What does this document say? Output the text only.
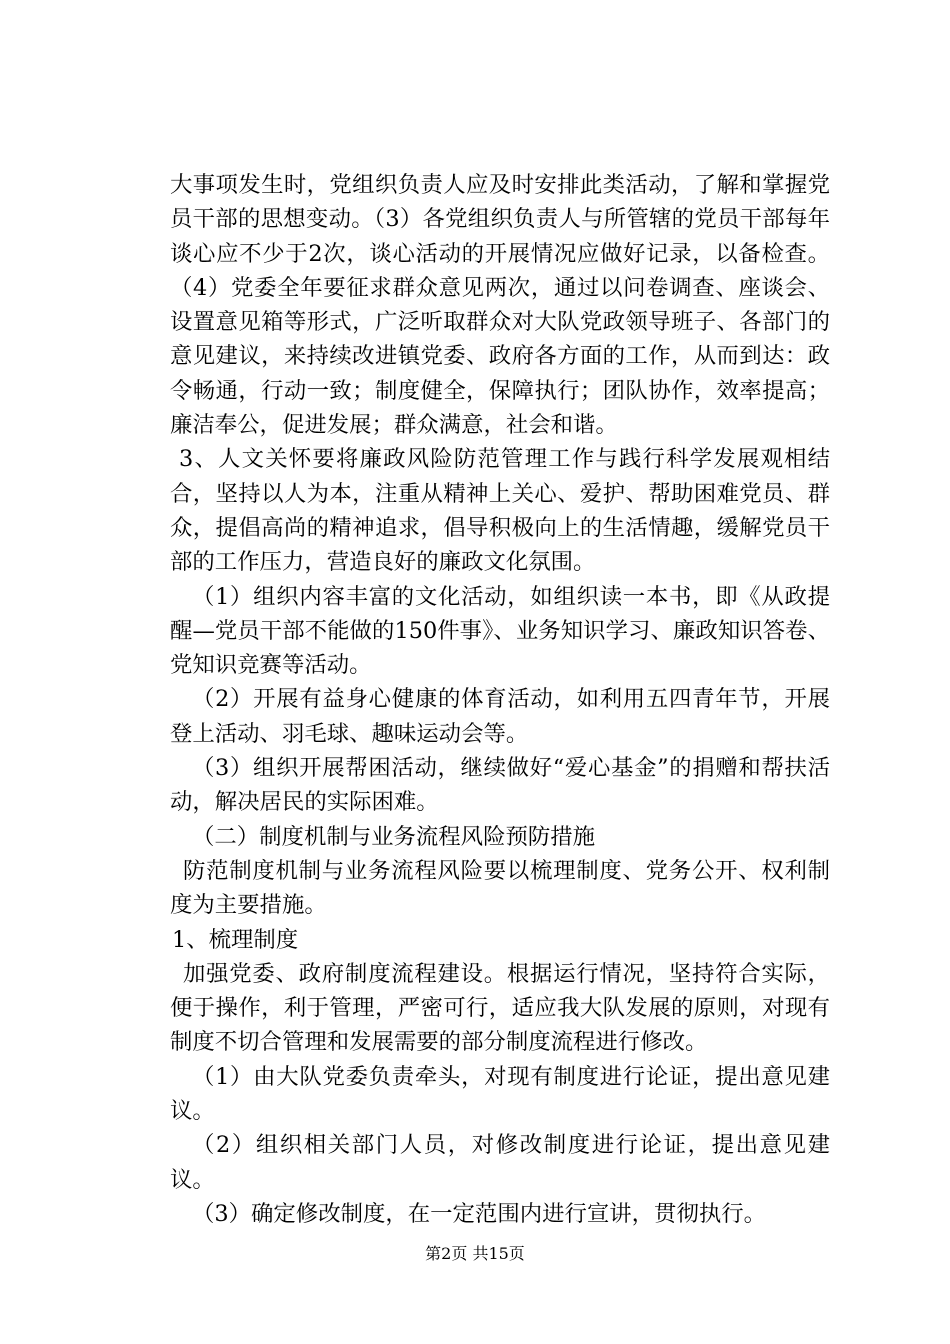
大事项发生时，党组织负责人应及时安排此类活动，了解和掌握党员干部的思想变动。（3）各党组织负责人与所管辖的党员干部每年谈心应不少于2次，谈心活动的开展情况应做好记录，以备检查。（4）党委全年要征求群众意见两次，通过以问卷调查、座谈会、设置意见箱等形式，广泛听取群众对大队党政领导班子、各部门的意见建议，来持续改进镇党委、政府各方面的工作，从而到达：政令畅通，行动一致；制度健全，保障执行；团队协作，效率提高；廉洁奉公，促进发展；群众满意，社会和谐。

3、人文关怀要将廉政风险防范管理工作与践行科学发展观相结合，坚持以人为本，注重从精神上关心、爱护、帮助困难党员、群众，提倡高尚的精神追求，倡导积极向上的生活情趣，缓解党员干部的工作压力，营造良好的廉政文化氛围。

（1）组织内容丰富的文化活动，如组织读一本书，即《从政提醒—党员干部不能做的150件事》、业务知识学习、廉政知识答卷、党知识竞赛等活动。

（2）开展有益身心健康的体育活动，如利用五四青年节，开展登上活动、羽毛球、趣味运动会等。

（3）组织开展帮困活动，继续做好“爱心基金”的捐赠和帮扶活动，解决居民的实际困难。

（二）制度机制与业务流程风险预防措施

防范制度机制与业务流程风险要以梳理制度、党务公开、权利制度为主要措施。

1、梳理制度

加强党委、政府制度流程建设。根据运行情况，坚持符合实际，便于操作，利于管理，严密可行，适应我大队发展的原则，对现有制度不切合管理和发展需要的部分制度流程进行修改。

（1）由大队党委负责牵头，对现有制度进行论证，提出意见建议。

（2）组织相关部门人员，对修改制度进行论证，提出意见建议。

（3）确定修改制度，在一定范围内进行宣讲，贯彻执行。

第2页 共15页
